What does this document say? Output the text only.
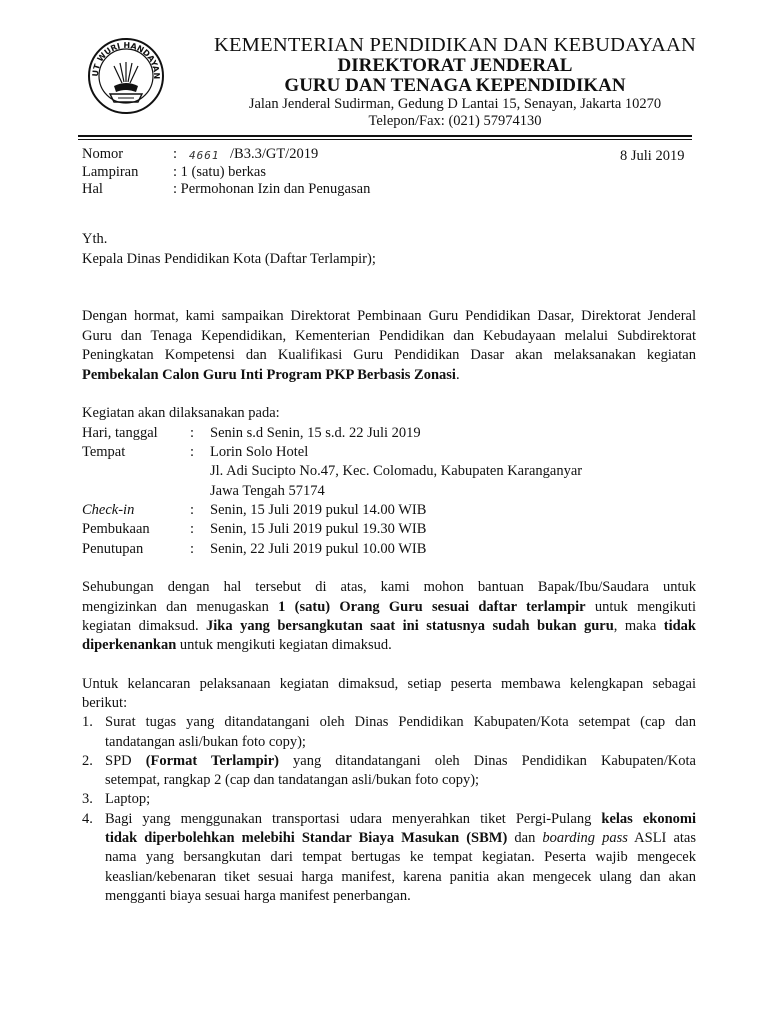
UT WURI HANDAYAN
KEMENTERIAN PENDIDIKAN DAN KEBUDAYAAN
DIREKTORAT JENDERAL
GURU DAN TENAGA KEPENDIDIKAN
Jalan Jenderal Sudirman, Gedung D Lantai 15, Senayan, Jakarta 10270
Telepon/Fax: (021) 57974130
Nomor	: 4661 /B3.3/GT/2019	8 Juli 2019
Lampiran : 1 (satu) berkas
Hal	: Permohonan Izin dan Penugasan
Yth.
Kepala Dinas Pendidikan Kota (Daftar Terlampir);
Dengan hormat, kami sampaikan Direktorat Pembinaan Guru Pendidikan Dasar, Direktorat Jenderal
Guru dan Tenaga Kependidikan, Kementerian Pendidikan dan Kebudayaan melalui Subdirektorat
Peningkatan Kompetensi dan Kualifikasi Guru Pendidikan Dasar akan melaksanakan kegiatan
Pembekalan Calon Guru Inti Program PKP Berbasis Zonasi.
Kegiatan akan dilaksanakan pada:
Hari, tanggal : Senin s.d Senin, 15 s.d. 22 Juli 2019
Tempat	: Lorin Solo Hotel
Jl. Adi Sucipto No.47, Kec. Colomadu, Kabupaten Karanganyar
Jawa Tengah 57174
Check-in	: Senin, 15 Juli 2019 pukul 14.00 WIB
Pembukaan	: Senin, 15 Juli 2019 pukul 19.30 WIB
Penutupan	: Senin, 22 Juli 2019 pukul 10.00 WIB
Sehubungan dengan hal tersebut di atas, kami mohon bantuan Bapak/Ibu/Saudara untuk
mengizinkan dan menugaskan 1 (satu) Orang Guru sesuai daftar terlampir untuk mengikuti
kegiatan dimaksud. Jika yang bersangkutan saat ini statusnya sudah bukan guru, maka tidak
diperkenankan untuk mengikuti kegiatan dimaksud.
Untuk kelancaran pelaksanaan kegiatan dimaksud, setiap peserta membawa kelengkapan sebagai
berikut:
1. Surat tugas yang ditandatangani oleh Dinas Pendidikan Kabupaten/Kota setempat (cap dan
tandatangan asli/bukan foto copy);
2. SPD (Format Terlampir) yang ditandatangani oleh Dinas Pendidikan Kabupaten/Kota
setempat, rangkap 2 (cap dan tandatangan asli/bukan foto copy);
3. Laptop;
4. Bagi yang menggunakan transportasi udara menyerahkan tiket Pergi-Pulang kelas ekonomi
tidak diperbolehkan melebihi Standar Biaya Masukan (SBM) dan boarding pass ASLI atas
nama yang bersangkutan dari tempat bertugas ke tempat kegiatan. Peserta wajib mengecek
keaslian/kebenaran tiket sesuai harga manifest, karena panitia akan mengecek ulang dan akan
mengganti biaya sesuai harga manifest penerbangan.
